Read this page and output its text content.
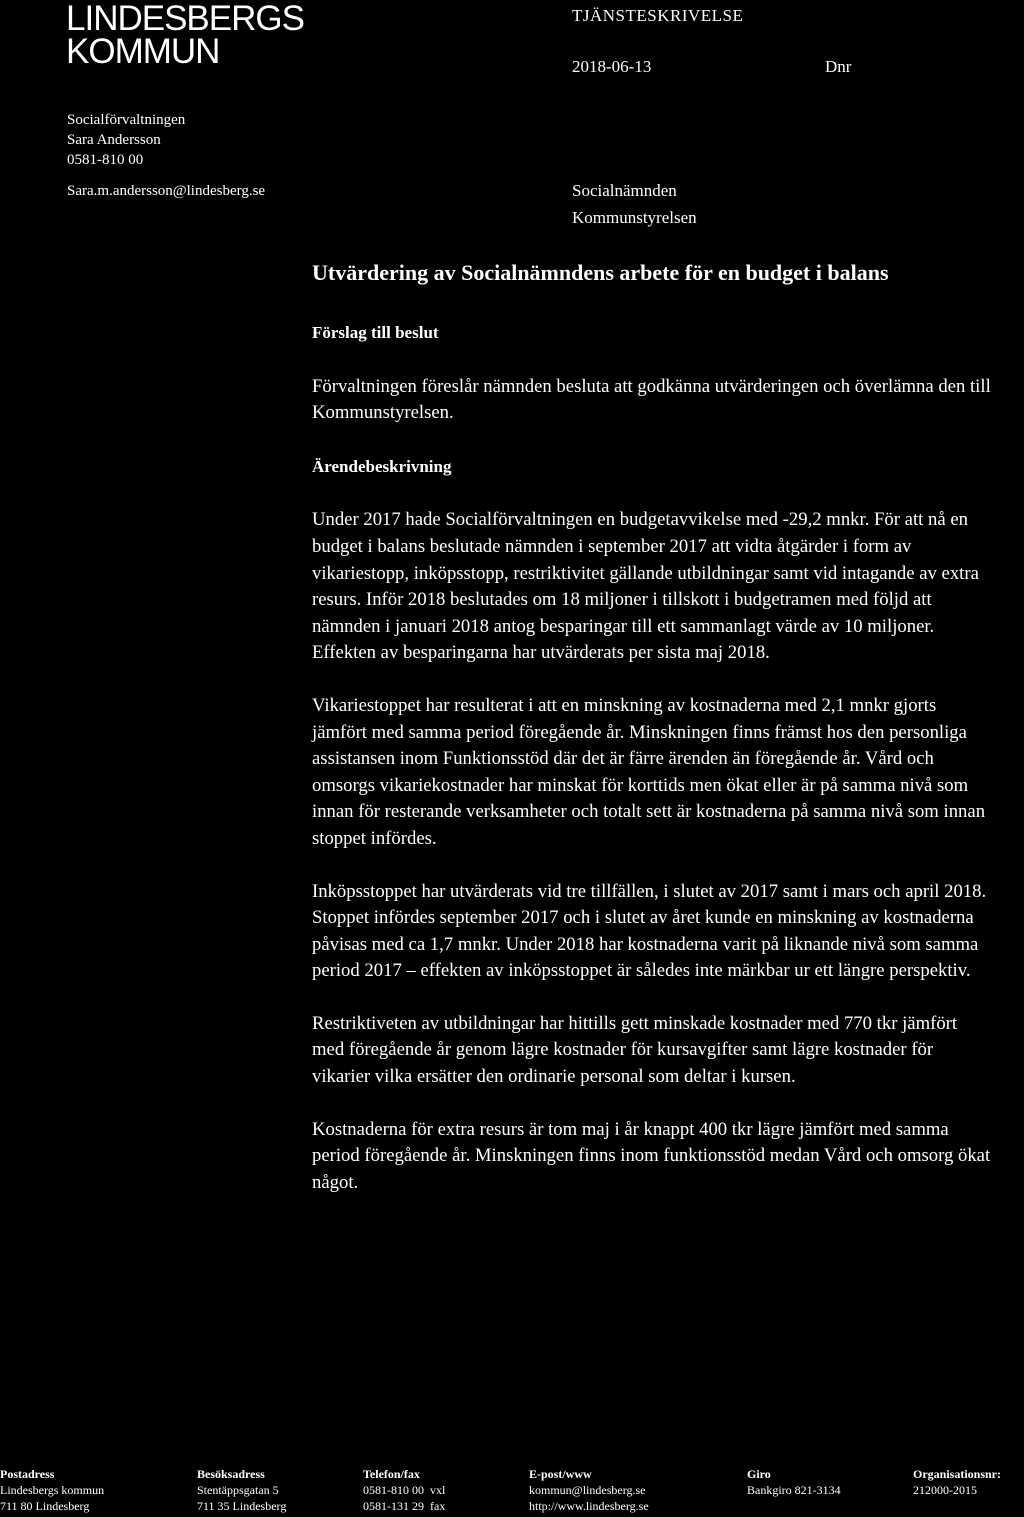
LINDESBERGS
KOMMUN
TJÄNSTESKRIVELSE
2018-06-13	Dnr
Socialförvaltningen
Sara Andersson
0581-810 00
Sara.m.andersson@lindesberg.se	Socialnämnden
Kommunstyrelsen
Utvärdering av Socialnämndens arbete för en budget i balans
Förslag till beslut

Förvaltningen föreslår nämnden besluta att godkänna utvärderingen och överlämna den till Kommunstyrelsen.

Ärendebeskrivning

Under 2017 hade Socialförvaltningen en budgetavvikelse med -29,2 mnkr. För att nå en budget i balans beslutade nämnden i september 2017 att vidta åtgärder i form av vikariestopp, inköpsstopp, restriktivitet gällande utbildningar samt vid intagande av extra resurs. Inför 2018 beslutades om 18 miljoner i tillskott i budgetramen med följd att nämnden i januari 2018 antog besparingar till ett sammanlagt värde av 10 miljoner. Effekten av besparingarna har utvärderats per sista maj 2018.

Vikariestoppet har resulterat i att en minskning av kostnaderna med 2,1 mnkr gjorts jämfört med samma period föregående år. Minskningen finns främst hos den personliga assistansen inom Funktionsstöd där det är färre ärenden än föregående år. Vård och omsorgs vikariekostnader har minskat för korttids men ökat eller är på samma nivå som innan för resterande verksamheter och totalt sett är kostnaderna på samma nivå som innan stoppet infördes.

Inköpsstoppet har utvärderats vid tre tillfällen, i slutet av 2017 samt i mars och april 2018. Stoppet infördes september 2017 och i slutet av året kunde en minskning av kostnaderna påvisas med ca 1,7 mnkr. Under 2018 har kostnaderna varit på liknande nivå som samma period 2017 – effekten av inköpsstoppet är således inte märkbar ur ett längre perspektiv.

Restriktiveten av utbildningar har hittills gett minskade kostnader med 770 tkr jämfört med föregående år genom lägre kostnader för kursavgifter samt lägre kostnader för vikarier vilka ersätter den ordinarie personal som deltar i kursen.

Kostnaderna för extra resurs är tom maj i år knappt 400 tkr lägre jämfört med samma period föregående år. Minskningen finns inom funktionsstöd medan Vård och omsorg ökat något.

Postadress
Lindesbergs kommun
711 80 Lindesberg
Besöksadress
Stentäppsgatan 5
711 35 Lindesberg
Telefon/fax
0581-810 00 vxl
0581-131 29 fax
E-post/www
kommun@lindesberg.se
http://www.lindesberg.se
Giro
Bankgiro 821-3134
Organisationsnr:
212000-2015
